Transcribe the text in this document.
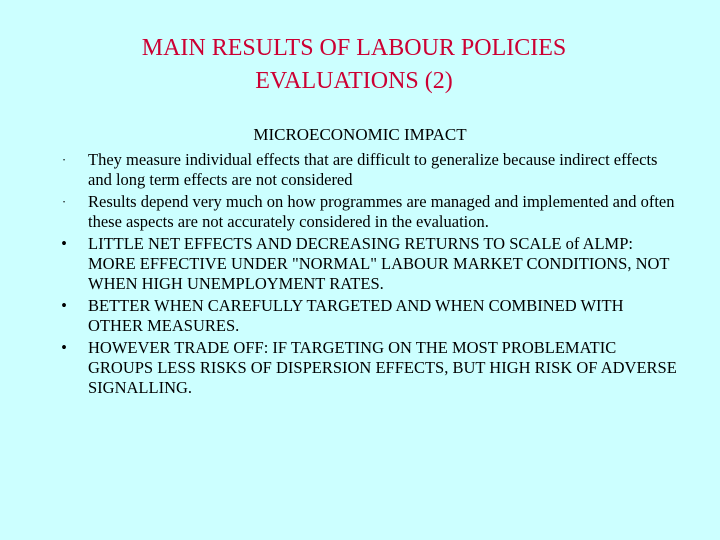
MAIN RESULTS OF LABOUR POLICIES
EVALUATIONS (2)
MICROECONOMIC IMPACT
· They measure individual effects that are difficult to generalize because indirect effects and long term effects are not considered
· Results depend very much on how programmes are managed and implemented and often these aspects are not accurately considered in the evaluation.
• LITTLE NET EFFECTS AND DECREASING RETURNS TO SCALE of ALMP: MORE EFFECTIVE UNDER "NORMAL" LABOUR MARKET CONDITIONS, NOT WHEN HIGH UNEMPLOYMENT RATES.
• BETTER WHEN CAREFULLY TARGETED AND WHEN COMBINED WITH OTHER MEASURES.
• HOWEVER TRADE OFF: IF TARGETING ON THE MOST PROBLEMATIC GROUPS LESS RISKS OF DISPERSION EFFECTS, BUT HIGH RISK OF ADVERSE SIGNALLING.
